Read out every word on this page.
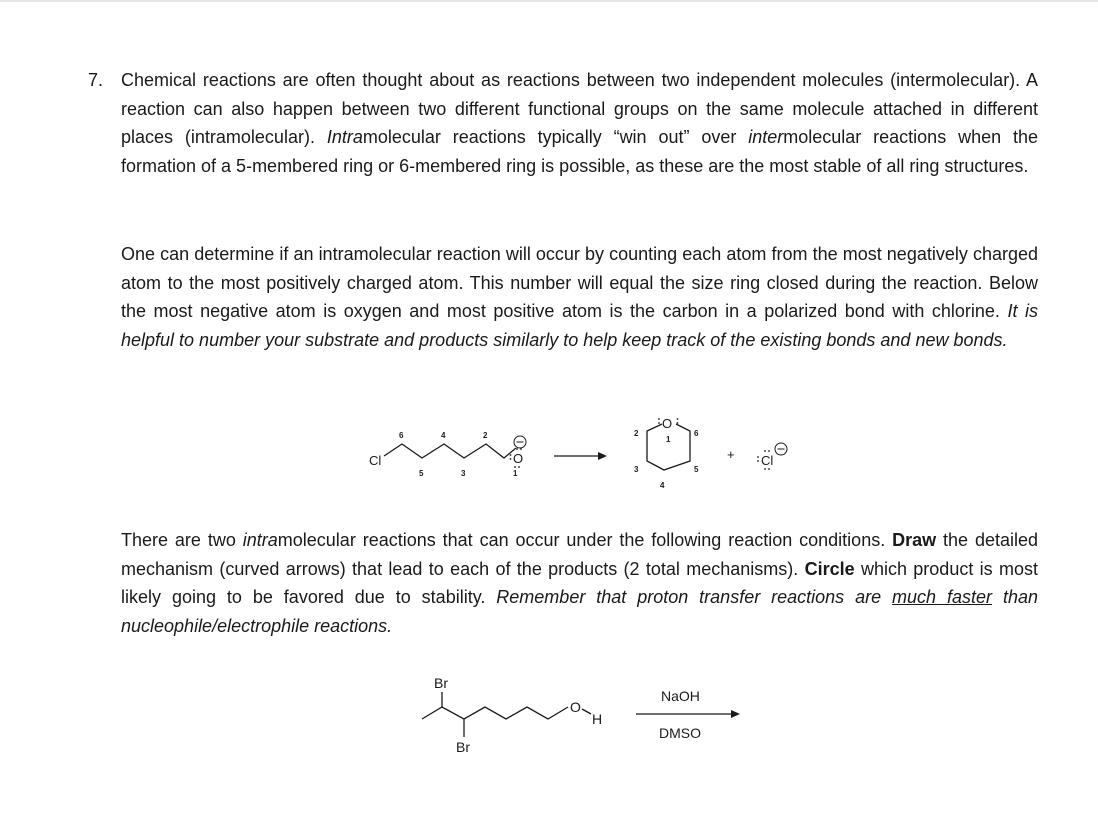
7. Chemical reactions are often thought about as reactions between two independent molecules (intermolecular). A reaction can also happen between two different functional groups on the same molecule attached in different places (intramolecular). Intramolecular reactions typically “win out” over intermolecular reactions when the formation of a 5-membered ring or 6-membered ring is possible, as these are the most stable of all ring structures.
One can determine if an intramolecular reaction will occur by counting each atom from the most negatively charged atom to the most positively charged atom. This number will equal the size ring closed during the reaction. Below the most negative atom is oxygen and most positive atom is the carbon in a polarized bond with chlorine. It is helpful to number your substrate and products similarly to help keep track of the existing bonds and new bonds.
There are two intramolecular reactions that can occur under the following reaction conditions. Draw the detailed mechanism (curved arrows) that lead to each of the products (2 total mechanisms). Circle which product is most likely going to be favored due to stability. Remember that proton transfer reactions are much faster than nucleophile/electrophile reactions.
Cl	O
6	4	2
5	3	1
O
2
1
6
3	5
4
+ Cl
Br
Br
O
H
NaOH
DMSO
